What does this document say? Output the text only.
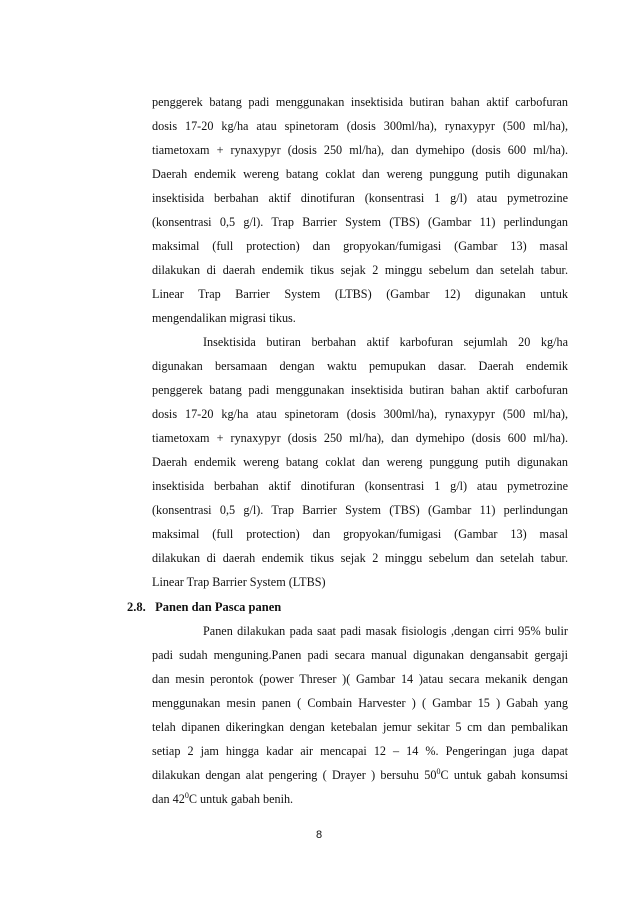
penggerek batang padi menggunakan insektisida butiran bahan aktif carbofuran
dosis 17-20 kg/ha atau spinetoram (dosis 300ml/ha), rynaxypyr (500 ml/ha),
tiametoxam + rynaxypyr (dosis 250 ml/ha), dan dymehipo (dosis 600 ml/ha).
Daerah endemik wereng batang coklat dan wereng punggung putih digunakan
insektisida berbahan aktif dinotifuran (konsentrasi 1 g/l) atau pymetrozine
(konsentrasi 0,5 g/l). Trap Barrier System (TBS) (Gambar 11) perlindungan
maksimal (full protection) dan gropyokan/fumigasi (Gambar 13) masal
dilakukan di daerah endemik tikus sejak 2 minggu sebelum dan setelah tabur.
Linear Trap Barrier System (LTBS) (Gambar 12) digunakan untuk
mengendalikan migrasi tikus.
Insektisida butiran berbahan aktif karbofuran sejumlah 20 kg/ha
digunakan bersamaan dengan waktu pemupukan dasar. Daerah endemik
penggerek batang padi menggunakan insektisida butiran bahan aktif carbofuran
dosis 17-20 kg/ha atau spinetoram (dosis 300ml/ha), rynaxypyr (500 ml/ha),
tiametoxam + rynaxypyr (dosis 250 ml/ha), dan dymehipo (dosis 600 ml/ha).
Daerah endemik wereng batang coklat dan wereng punggung putih digunakan
insektisida berbahan aktif dinotifuran (konsentrasi 1 g/l) atau pymetrozine
(konsentrasi 0,5 g/l). Trap Barrier System (TBS) (Gambar 11) perlindungan
maksimal (full protection) dan gropyokan/fumigasi (Gambar 13) masal
dilakukan di daerah endemik tikus sejak 2 minggu sebelum dan setelah tabur.
Linear Trap Barrier System (LTBS)
2.8. Panen dan Pasca panen
Panen dilakukan pada saat padi masak fisiologis ,dengan cirri 95% bulir
padi sudah menguning.Panen padi secara manual digunakan dengansabit gergaji
dan mesin perontok (power Threser )( Gambar 14 )atau secara mekanik dengan
menggunakan mesin panen ( Combain Harvester ) ( Gambar 15 ) Gabah yang
telah dipanen dikeringkan dengan ketebalan jemur sekitar 5 cm dan pembalikan
setiap 2 jam hingga kadar air mencapai 12 – 14 %. Pengeringan juga dapat
dilakukan dengan alat pengering ( Drayer ) bersuhu $50^0C$ untuk gabah konsumsi
dan $42^0C$ untuk gabah benih.
8
